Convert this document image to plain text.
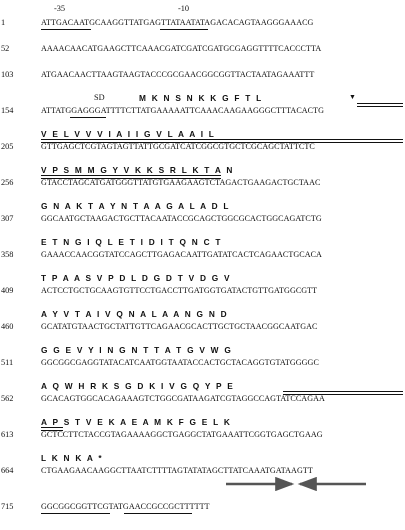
-35	-10
1	ATTGACAATGCAAGGTTATGAGTTATAATATAGACACAGTAAGGGAAACG
52	AAAACAACATGAAGCTTCAAACGATCGATCGATGCGAGGTTTTCACCCTTA
103	ATGAACAACTTAAGTAAGTACCCGCGAACGGCGGTTACTAATAGAAATTT
SD	M  K  N  S  N  K  K  G  F  T  L	▼
154	ATTATGGAGGGATTTTCTTATGAAAAATTCAAACAAGAAGGGCTTTACACTG
V  E  L  V  V  V  I  A  I  I  G  V  L  A  A  I  L
205	GTTGAGCTCGTAGTAGTTATTGCGATCATCGGCGTGCTCGCAGCTATTCTC
V  P  S  M  M  G  Y  V  K  K  S  R  L  K  T  A  N
256	GTACCTAGCATGATGGGTTATGTGAAGAAGTCTAGACTGAAGACTGCTAAC
G  N  A  K  T  A  Y  N  T  A  A  G  A  L  A  D  L
307	GGCAATGCTAAGACTGCTTACAATACCGCAGCTGGCGCACTGGCAGATCTG
E  T  N  G  I  Q  L  E  T  I  D  I  T  Q  N  C  T
358	GAAACCAACGGTATCCAGCTTGAGACAATTGATATCACTCAGAACTGCACA
T  P  A  A  S  V  P  D  L  D  G  D  T  V  D  G  V
409	ACTCCTGCTGCAAGTGTTCCTGACCTTGATGGTGATACTGTTGATGGCGTT
A  Y  V  T  A  I  V  Q  N  A  L  A  A  N  G  N  D
460	GCATATGTAACTGCTATTGTTCAGAACGCACTTGCTGCTAACGGCAATGAC
G  G  E  V  Y  I  N  G  N  T  T  A  T  G  V  W  G
511	GGCGGCGAGGTATACATCAATGGTAATACCACTGCTACAGGTGTATGGGGC
A  Q  W  H  R  K  S  G  D  K  I  V  G  Q  Y  P  E
562	GCACAGTGGCACAGAAAGTCTGGCGATAAGATCGTAGGCCAGTATCCAGAA
A  P  S  T  V  E  K  A  E  A  M  K  F  G  E  L  K
613	GCTCCTTCTACCGTAGAAAAGGCTGAGGCTATGAAATTCGGTGAGCTGAAG
L  K  N  K  A  *
664	CTGAAGAACAAGGCTTAATCTTTTAGTATATAGCTTATCAAATGATAAGTT
715	GGCGGCGGTTCGTATGAACCGCCGCTTTTTT
